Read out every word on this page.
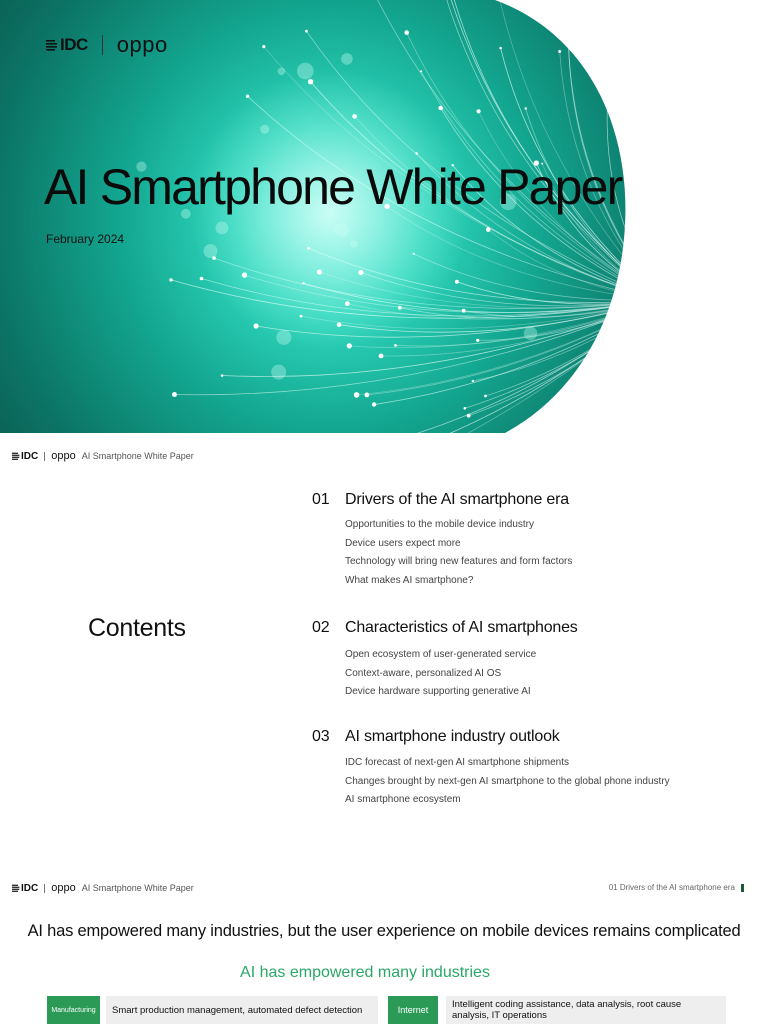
IDC oppo
AI Smartphone White Paper
February 2024
IDC oppo AI Smartphone White Paper
Contents
01 Drivers of the AI smartphone era
Opportunities to the mobile device industry
Device users expect more
Technology will bring new features and form factors
What makes AI smartphone?
02 Characteristics of AI smartphones
Open ecosystem of user-generated service
Context-aware, personalized AI OS
Device hardware supporting generative AI
03 AI smartphone industry outlook
IDC forecast of next-gen AI smartphone shipments
Changes brought by next-gen AI smartphone to the global phone industry
AI smartphone ecosystem
IDC oppo AI Smartphone White Paper	01 Drivers of the AI smartphone era
AI has empowered many industries, but the user experience on mobile devices remains complicated
AI has empowered many industries
Manufacturing	Smart production management, automated defect detection	Internet	Intelligent coding assistance, data analysis, root cause analysis, IT operations
